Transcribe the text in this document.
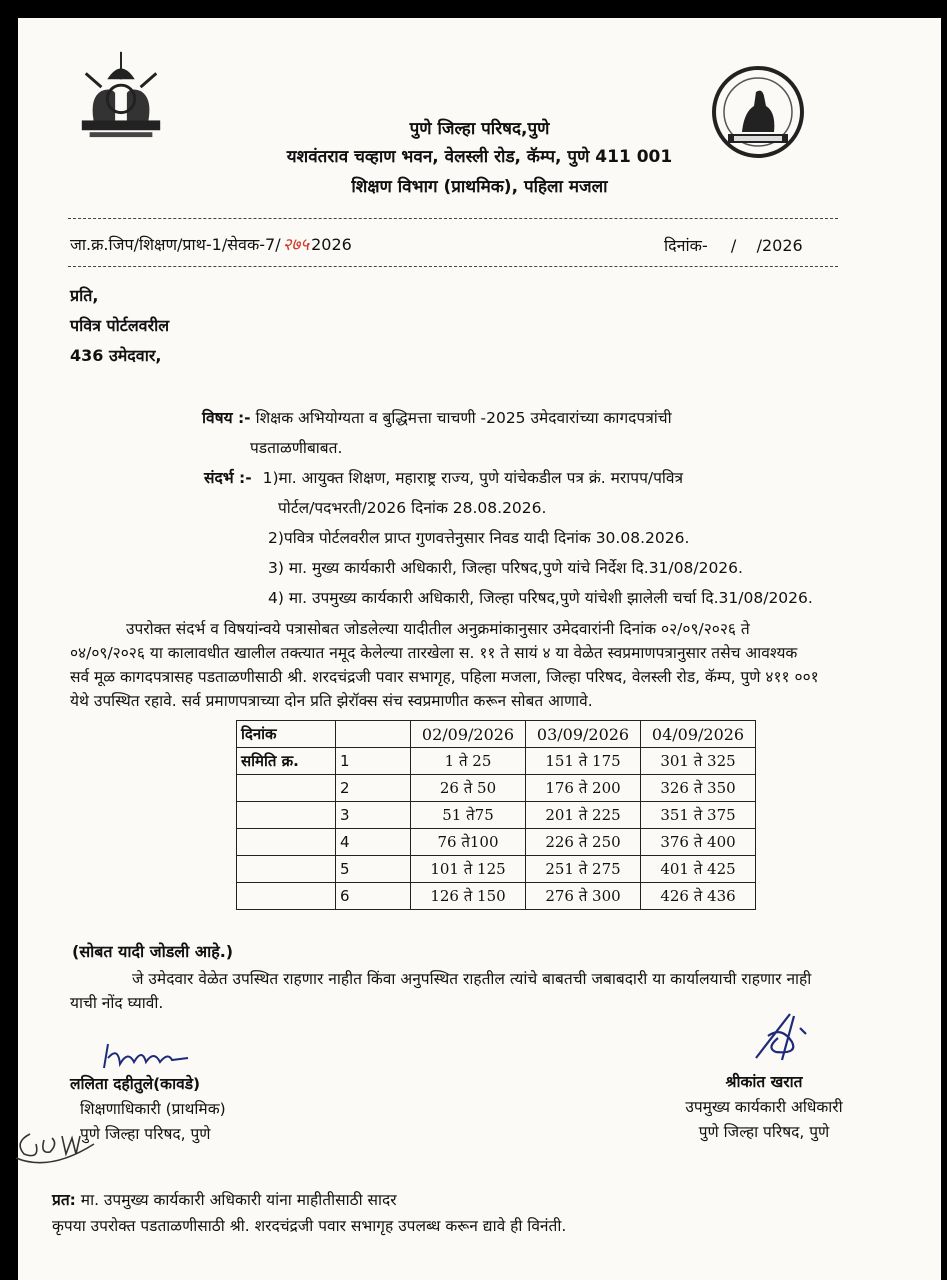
पुणे जिल्हा परिषद,पुणे
यशवंतराव चव्हाण भवन, वेलस्ली रोड, कॅम्प, पुणे 411 001
शिक्षण विभाग (प्राथमिक), पहिला मजला
जा.क्र.जिप/शिक्षण/प्राथ-1/सेवक-7/ २७५ 2026	दिनांक- /    /2026
प्रति,
पवित्र पोर्टलवरील
436 उमेदवार,
विषय :- शिक्षक अभियोग्यता व बुद्धिमत्ता चाचणी -2025 उमेदवारांच्या कागदपत्रांची
पडताळणीबाबत.
संदर्भ :- 1)मा. आयुक्त शिक्षण, महाराष्ट्र राज्य, पुणे यांचेकडील पत्र क्रं. मरापप/पवित्र
पोर्टल/पदभरती/2026 दिनांक 28.08.2026.
2)पवित्र पोर्टलवरील प्राप्त गुणवत्तेनुसार निवड यादी दिनांक 30.08.2026.
3) मा. मुख्य कार्यकारी अधिकारी, जिल्हा परिषद,पुणे यांचे निर्देश दि.31/08/2026.
4) मा. उपमुख्य कार्यकारी अधिकारी, जिल्हा परिषद,पुणे यांचेशी झालेली चर्चा दि.31/08/2026.
उपरोक्त संदर्भ व विषयांन्वये पत्रासोबत जोडलेल्या यादीतील अनुक्रमांकानुसार उमेदवारांनी दिनांक ०२/०९/२०२६ ते
०४/०९/२०२६ या कालावधीत खालील तक्त्यात नमूद केलेल्या तारखेला स. ११ ते सायं ४ या वेळेत स्वप्रमाणपत्रानुसार तसेच आवश्यक
सर्व मूळ कागदपत्रासह पडताळणीसाठी श्री. शरदचंद्रजी पवार सभागृह, पहिला मजला, जिल्हा परिषद, वेलस्ली रोड, कॅम्प, पुणे ४११ ००१
येथे उपस्थित रहावे. सर्व प्रमाणपत्राच्या दोन प्रति झेरॉक्स संच स्वप्रमाणीत करून सोबत आणावे.
दिनांक		02/09/2026	03/09/2026	04/09/2026
समिति क्र.	1	1 ते 25	151 ते 175	301 ते 325
	2	26 ते 50	176 ते 200	326 ते 350
	3	51 ते75	201 ते 225	351 ते 375
	4	76 ते100	226 ते 250	376 ते 400
	5	101 ते 125	251 ते 275	401 ते 425
	6	126 ते 150	276 ते 300	426 ते 436
(सोबत यादी जोडली आहे.)
जे उमेदवार वेळेत उपस्थित राहणार नाहीत किंवा अनुपस्थित राहतील त्यांचे बाबतची जबाबदारी या कार्यालयाची राहणार नाही
याची नोंद घ्यावी.
ललिता दहीतुले(कावडे)
शिक्षणाधिकारी (प्राथमिक)
पुणे जिल्हा परिषद, पुणे
श्रीकांत खरात
उपमुख्य कार्यकारी अधिकारी
पुणे जिल्हा परिषद, पुणे
प्रत: मा. उपमुख्य कार्यकारी अधिकारी यांना माहीतीसाठी सादर
कृपया उपरोक्त पडताळणीसाठी श्री. शरदचंद्रजी पवार सभागृह उपलब्ध करून द्यावे ही विनंती.
